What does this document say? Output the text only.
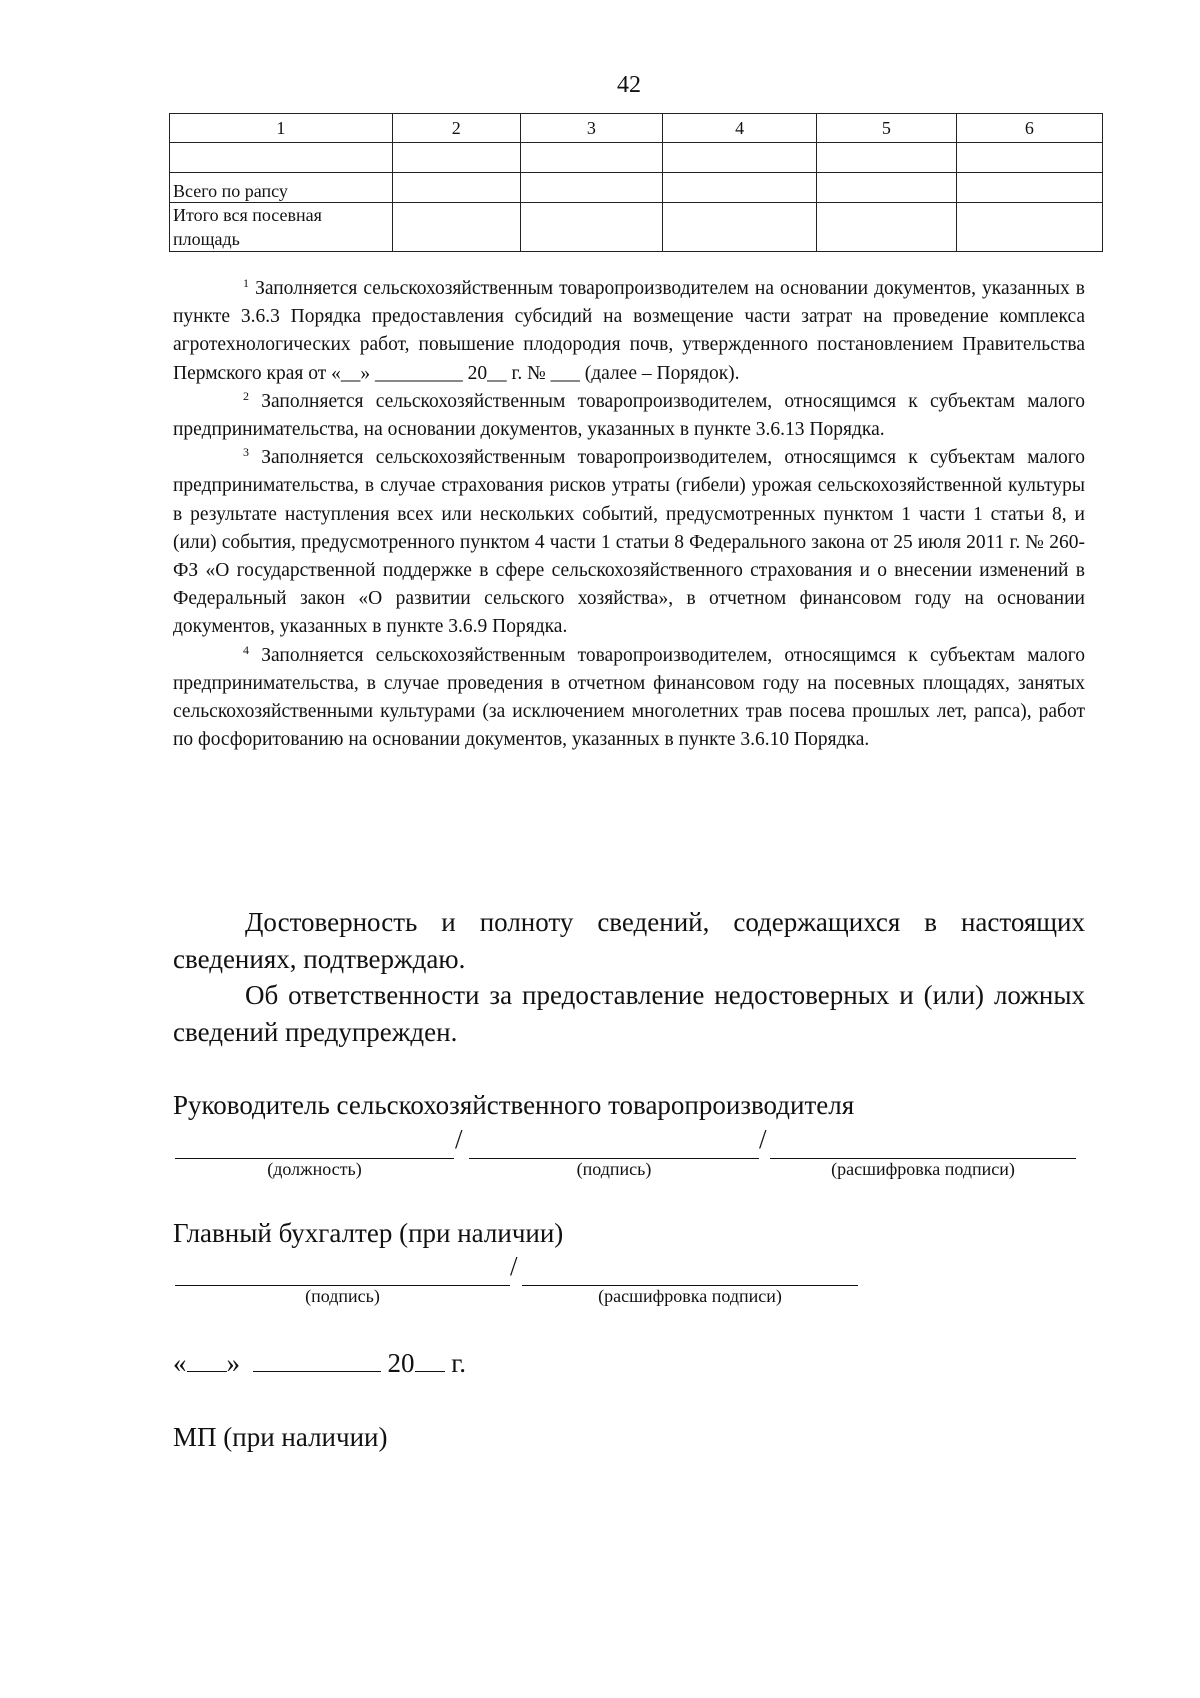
42
1	2	3	4	5	6

Всего по рапсу					
Итого вся посевная площадь					

$^1$ Заполняется сельскохозяйственным товаропроизводителем на основании документов, указанных в пункте 3.6.3 Порядка предоставления субсидий на возмещение части затрат на проведение комплекса агротехнологических работ, повышение плодородия почв, утвержденного постановлением Правительства Пермского края от «__» _________ 20__ г. № ___ (далее – Порядок).

$^2$ Заполняется сельскохозяйственным товаропроизводителем, относящимся к субъектам малого предпринимательства, на основании документов, указанных в пункте 3.6.13 Порядка.

$^3$ Заполняется сельскохозяйственным товаропроизводителем, относящимся к субъектам малого предпринимательства, в случае страхования рисков утраты (гибели) урожая сельскохозяйственной культуры в результате наступления всех или нескольких событий, предусмотренных пунктом 1 части 1 статьи 8, и (или) события, предусмотренного пунктом 4 части 1 статьи 8 Федерального закона от 25 июля 2011 г. № 260-ФЗ «О государственной поддержке в сфере сельскохозяйственного страхования и о внесении изменений в Федеральный закон «О развитии сельского хозяйства», в отчетном финансовом году на основании документов, указанных в пункте 3.6.9 Порядка.

$^4$ Заполняется сельскохозяйственным товаропроизводителем, относящимся к субъектам малого предпринимательства, в случае проведения в отчетном финансовом году на посевных площадях, занятых сельскохозяйственными культурами (за исключением многолетних трав посева прошлых лет, рапса), работ по фосфоритованию на основании документов, указанных в пункте 3.6.10 Порядка.

Достоверность и полноту сведений, содержащихся в настоящих сведениях, подтверждаю.

Об ответственности за предоставление недостоверных и (или) ложных сведений предупрежден.

Руководитель сельскохозяйственного товаропроизводителя
/	/
(должность)	(подпись)	(расшифровка подписи)
Главный бухгалтер (при наличии)
/
(подпись)	(расшифровка подписи)
« »	20 г.
МП (при наличии)
